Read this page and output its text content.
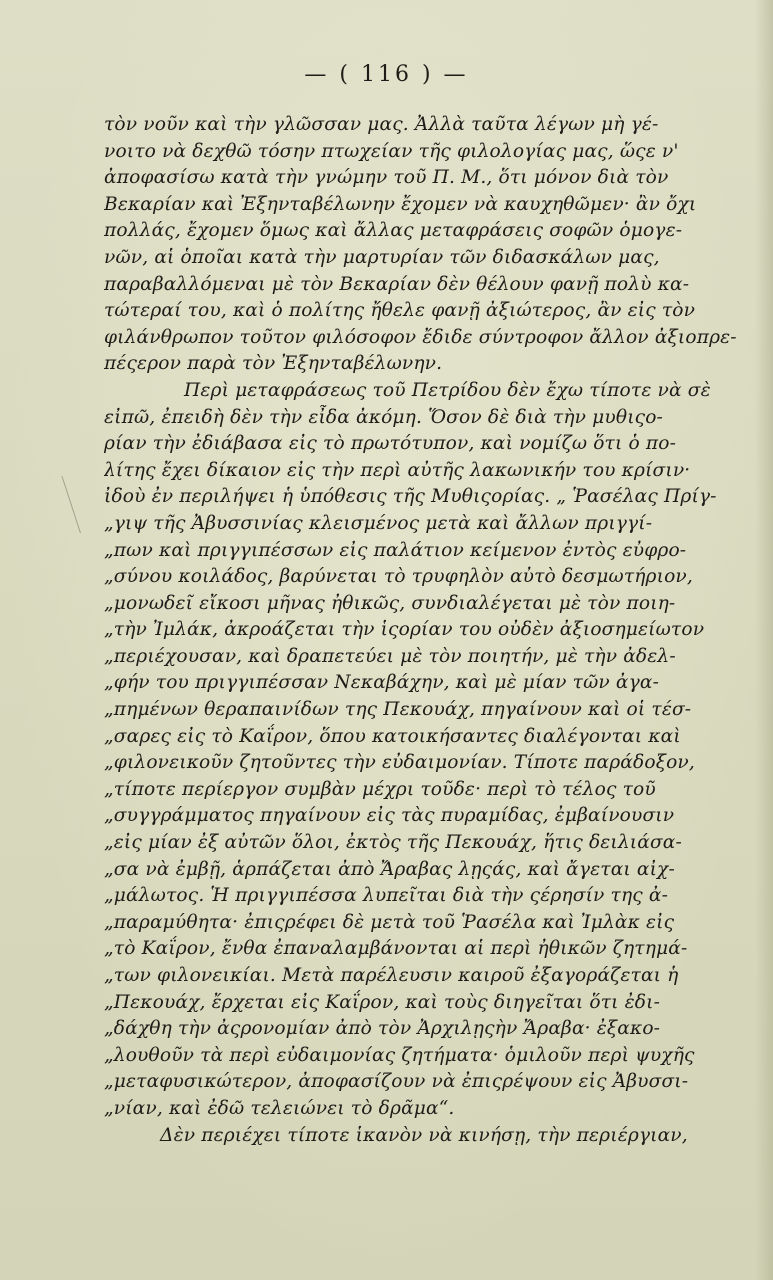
— ( 116 ) —
τὸν νοῦν καὶ τὴν γλῶσσαν μας. Ἀλλὰ ταῦτα λέγων μὴ γέ-
νοιτο νὰ δεχθῶ τόσην πτωχείαν τῆς φιλολογίας μας, ὥςε ν'
ἀποφασίσω κατὰ τὴν γνώμην τοῦ Π. Μ., ὅτι μόνον διὰ τὸν
Βεκαρίαν καὶ Ἐξηνταβέλωνην ἔχομεν νὰ καυχηθῶμεν· ἂν ὄχι
πολλάς, ἔχομεν ὅμως καὶ ἄλλας μεταφράσεις σοφῶν ὁμογε-
νῶν, αἱ ὁποῖαι κατὰ τὴν μαρτυρίαν τῶν διδασκάλων μας,
παραβαλλόμεναι μὲ τὸν Βεκαρίαν δὲν θέλουν φανῇ πολὺ κα-
τώτεραί του, καὶ ὁ πολίτης ἤθελε φανῇ ἀξιώτερος, ἂν εἰς τὸν
φιλάνθρωπον τοῦτον φιλόσοφον ἔδιδε σύντροφον ἄλλον ἀξιοπρε-
πέςερον παρὰ τὸν Ἐξηνταβέλωνην.
Περὶ μεταφράσεως τοῦ Πετρίδου δὲν ἔχω τίποτε νὰ σὲ
εἰπῶ, ἐπειδὴ δὲν τὴν εἶδα ἀκόμη. Ὅσον δὲ διὰ τὴν μυθιςο-
ρίαν τὴν ἐδιάβασα εἰς τὸ πρωτότυπον, καὶ νομίζω ὅτι ὁ πο-
λίτης ἔχει δίκαιον εἰς τὴν περὶ αὐτῆς λακωνικήν του κρίσιν·
ἰδοὺ ἐν περιλήψει ἡ ὑπόθεσις τῆς Μυθιςορίας. „ Ῥασέλας Πρίγ-
„γιψ τῆς Ἀβυσσινίας κλεισμένος μετὰ καὶ ἄλλων πριγγί-
„πων καὶ πριγγιπέσσων εἰς παλάτιον κείμενον ἐντὸς εὐφρο-
„σύνου κοιλάδος, βαρύνεται τὸ τρυφηλὸν αὐτὸ δεσμωτήριον,
„μονωδεῖ εἴκοσι μῆνας ἠθικῶς, συνδιαλέγεται μὲ τὸν ποιη-
„τὴν Ἰμλάκ, ἀκροάζεται τὴν ἱςορίαν του οὐδὲν ἀξιοσημείωτον
„περιέχουσαν, καὶ δραπετεύει μὲ τὸν ποιητήν, μὲ τὴν ἀδελ-
„φήν του πριγγιπέσσαν Νεκαβάχην, καὶ μὲ μίαν τῶν ἀγα-
„πημένων θεραπαινίδων της Πεκουάχ, πηγαίνουν καὶ οἱ τέσ-
„σαρες εἰς τὸ Καΐρον, ὅπου κατοικήσαντες διαλέγονται καὶ
„φιλονεικοῦν ζητοῦντες τὴν εὐδαιμονίαν. Τίποτε παράδοξον,
„τίποτε περίεργον συμβὰν μέχρι τοῦδε· περὶ τὸ τέλος τοῦ
„συγγράμματος πηγαίνουν εἰς τὰς πυραμίδας, ἐμβαίνουσιν
„εἰς μίαν ἐξ αὐτῶν ὅλοι, ἐκτὸς τῆς Πεκουάχ, ἥτις δειλιάσα-
„σα νὰ ἐμβῇ, ἁρπάζεται ἀπὸ Ἄραβας λῃςάς, καὶ ἄγεται αἰχ-
„μάλωτος. Ἡ πριγγιπέσσα λυπεῖται διὰ τὴν ςέρησίν της ἀ-
„παραμύθητα· ἐπιςρέφει δὲ μετὰ τοῦ Ῥασέλα καὶ Ἰμλὰκ εἰς
„τὸ Καΐρον, ἔνθα ἐπαναλαμβάνονται αἱ περὶ ἠθικῶν ζητημά-
„των φιλονεικίαι. Μετὰ παρέλευσιν καιροῦ ἐξαγοράζεται ἡ
„Πεκουάχ, ἔρχεται εἰς Καΐρον, καὶ τοὺς διηγεῖται ὅτι ἐδι-
„δάχθη τὴν ἀςρονομίαν ἀπὸ τὸν Ἀρχιλῃςὴν Ἄραβα· ἐξακο-
„λουθοῦν τὰ περὶ εὐδαιμονίας ζητήματα· ὁμιλοῦν περὶ ψυχῆς
„μεταφυσικώτερον, ἀποφασίζουν νὰ ἐπιςρέψουν εἰς Ἀβυσσι-
„νίαν, καὶ ἐδῶ τελειώνει τὸ δρᾶμα“.
Δὲν περιέχει τίποτε ἱκανὸν νὰ κινήσῃ, τὴν περιέργιαν,
